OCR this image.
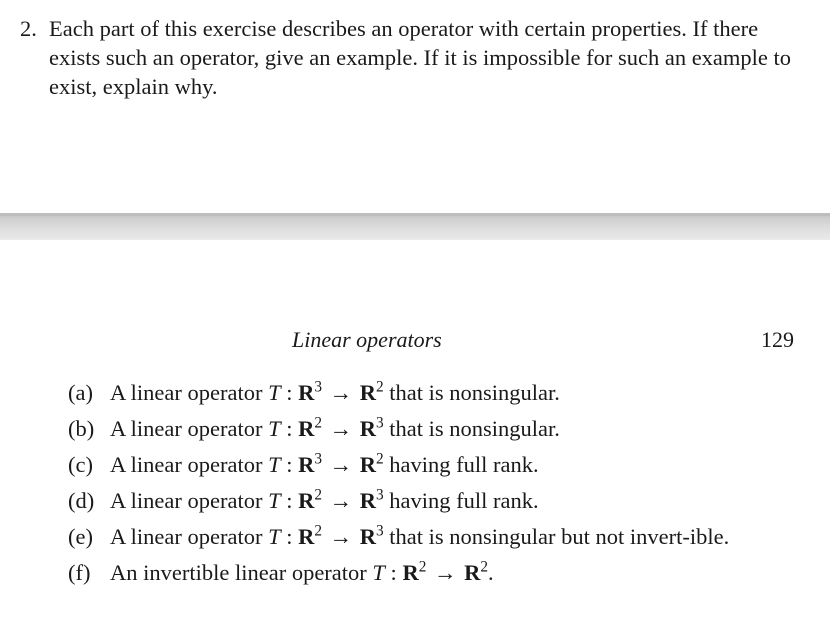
2. Each part of this exercise describes an operator with certain properties. If there exists such an operator, give an example. If it is impossible for such an example to exist, explain why.
Linear operators	129
(a) A linear operator T : $R^3 \to R^2$ that is nonsingular.
(b) A linear operator T : $R^2 \to R^3$ that is nonsingular.
(c) A linear operator T : $R^3 \to R^2$ having full rank.
(d) A linear operator T : $R^2 \to R^3$ having full rank.
(e) A linear operator T : $R^2 \to R^3$ that is nonsingular but not invert-ible.
(f) An invertible linear operator T : $R^2 \to R^2$.
